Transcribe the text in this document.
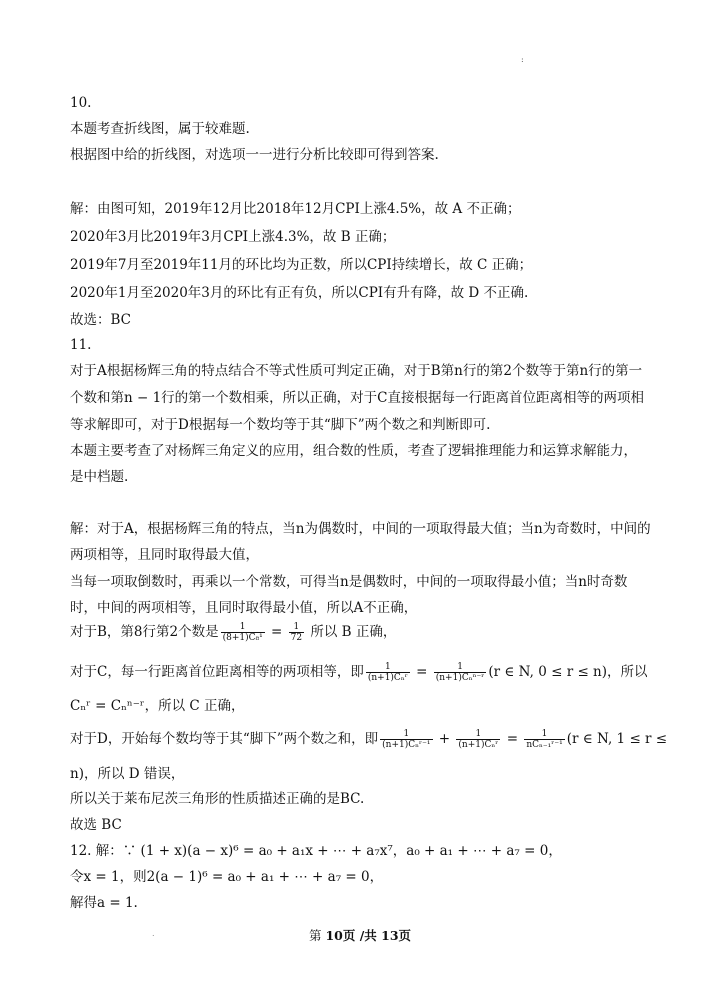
:
10.
本题考查折线图，属于较难题.
根据图中给的折线图，对选项一一进行分析比较即可得到答案.
解：由图可知，2019年12月比2018年12月CPI上涨4.5%，故 A 不正确；
2020年3月比2019年3月CPI上涨4.3%，故 B 正确；
2019年7月至2019年11月的环比均为正数，所以CPI持续增长，故 C 正确；
2020年1月至2020年3月的环比有正有负，所以CPI有升有降，故 D 不正确.
故选：BC
11.
对于A根据杨辉三角的特点结合不等式性质可判定正确，对于B第n行的第2个数等于第n行的第一
个数和第n − 1行的第一个数相乘，所以正确，对于C直接根据每一行距离首位距离相等的两项相
等求解即可，对于D根据每一个数均等于其“脚下”两个数之和判断即可.
本题主要考查了对杨辉三角定义的应用，组合数的性质，考查了逻辑推理能力和运算求解能力，
是中档题.
解：对于A，根据杨辉三角的特点，当n为偶数时，中间的一项取得最大值；当n为奇数时，中间的
两项相等，且同时取得最大值，
当每一项取倒数时，再乘以一个常数，可得当n是偶数时，中间的一项取得最小值；当n时奇数
时，中间的两项相等，且同时取得最小值，所以A不正确，
对于B，第8行第2个数是 $\frac{1}{\text{(8+1)C₈¹}} = \frac{1}{72}$ 所以 B 正确，
对于C，每一行距离首位距离相等的两项相等，即 $\frac{1}{\text{(n+1)Cₙʳ}} = \frac{1}{\text{(n+1)Cₙⁿ⁻ʳ}} (r$ ∈ N, 0 ≤ r ≤ n)，所以
Cₙʳ = Cₙⁿ⁻ʳ，所以 C 正确，
对于D，开始每个数均等于其“脚下”两个数之和，即 $\frac{1}{\text{(n+1)Cₙʳ⁻¹}} + \frac{1}{\text{(n+1)Cₙʳ}} = \frac{1}{\text{nCₙ₋₁ʳ⁻¹}} (r$ ∈ N, 1 ≤ r ≤
n)，所以 D 错误，
所以关于莱布尼茨三角形的性质描述正确的是BC.
故选 BC
12. 解：∵ (1 + x)(a − x)⁶ = a₀ + a₁x + ⋯ + a₇x⁷，a₀ + a₁ + ⋯ + a₇ = 0，
令x = 1，则2(a − 1)⁶ = a₀ + a₁ + ⋯ + a₇ = 0，
解得a = 1.
.	第 10页 /共 13页
